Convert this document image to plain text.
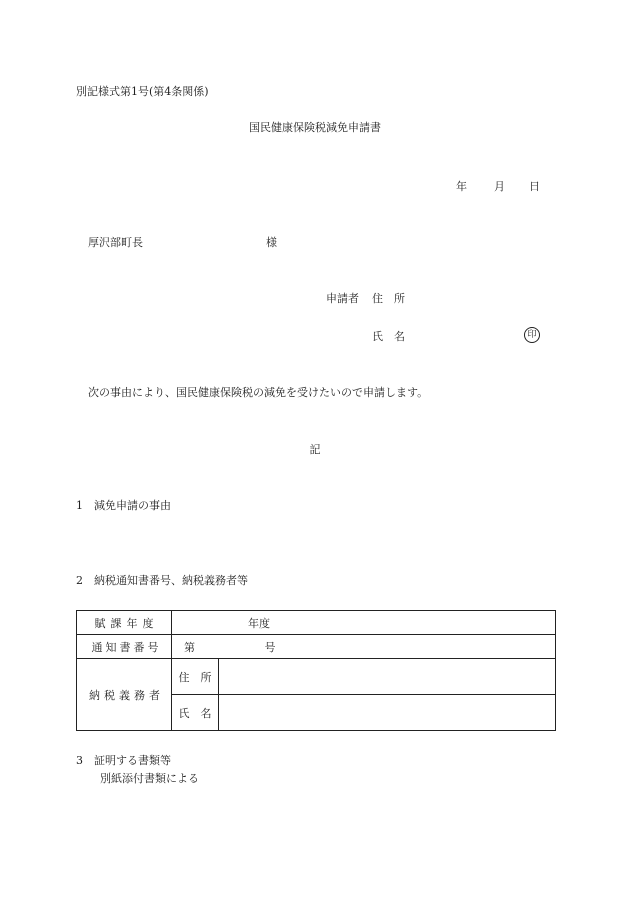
別記様式第1号(第4条関係)
国民健康保険税減免申請書
年 月 日
厚沢部町長	様
申請者 住　所
氏　名	印
次の事由により、国民健康保険税の減免を受けたいので申請します。
記
1　減免申請の事由
2　納税通知書番号、納税義務者等
賦課年度	年度	
通知書番号	第 号	
納税義務者	住　所	
	氏　名	
3　証明する書類等
別紙添付書類による
